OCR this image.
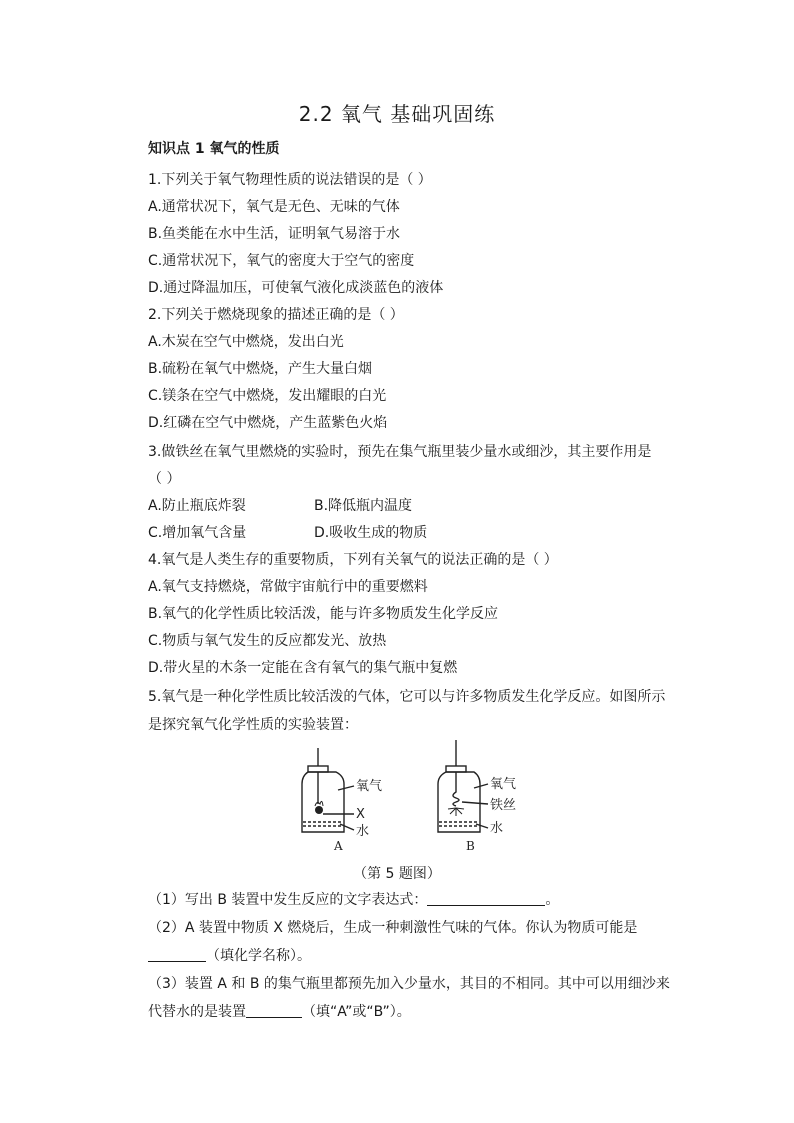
2.2 氧气 基础巩固练
知识点 1 氧气的性质
1.下列关于氧气物理性质的说法错误的是（ ）
A.通常状况下，氧气是无色、无味的气体
B.鱼类能在水中生活，证明氧气易溶于水
C.通常状况下，氧气的密度大于空气的密度
D.通过降温加压，可使氧气液化成淡蓝色的液体
2.下列关于燃烧现象的描述正确的是（ ）
A.木炭在空气中燃烧，发出白光
B.硫粉在氧气中燃烧，产生大量白烟
C.镁条在空气中燃烧，发出耀眼的白光
D.红磷在空气中燃烧，产生蓝紫色火焰
3.做铁丝在氧气里燃烧的实验时，预先在集气瓶里装少量水或细沙，其主要作用是
（ ）
A.防止瓶底炸裂	B.降低瓶内温度
C.增加氧气含量	D.吸收生成的物质
4.氧气是人类生存的重要物质，下列有关氧气的说法正确的是（ ）
A.氧气支持燃烧，常做宇宙航行中的重要燃料
B.氧气的化学性质比较活泼，能与许多物质发生化学反应
C.物质与氧气发生的反应都发光、放热
D.带火星的木条一定能在含有氧气的集气瓶中复燃
5.氧气是一种化学性质比较活泼的气体，它可以与许多物质发生化学反应。如图所示
是探究氧气化学性质的实验装置：
氧气
X
水
A
氧气
铁丝
水
B
（第 5 题图）
（1）写出 B 装置中发生反应的文字表达式：	。
（2）A 装置中物质 X 燃烧后，生成一种刺激性气味的气体。你认为物质可能是
（填化学名称）。
（3）装置 A 和 B 的集气瓶里都预先加入少量水，其目的不相同。其中可以用细沙来
代替水的是装置	（填“A”或“B”）。
